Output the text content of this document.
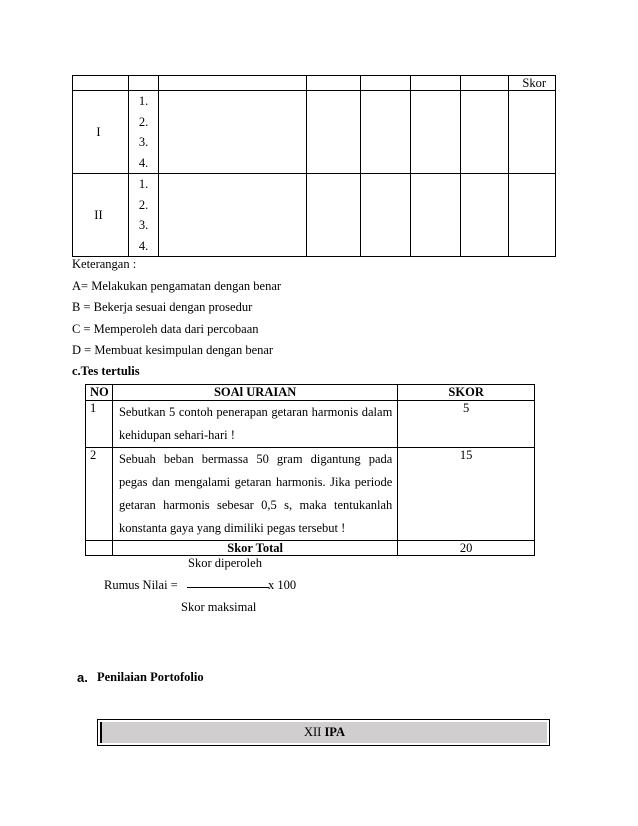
							Skor
I	1.
2.
3.
4.						

II	1.
2.
3.
4.						

Keterangan :
A= Melakukan pengamatan dengan benar
B = Bekerja sesuai dengan prosedur
C = Memperoleh data dari percobaan
D = Membuat kesimpulan dengan benar
c.Tes tertulis
NO	SOAl URAIAN	SKOR
1	Sebutkan 5 contoh penerapan getaran harmonis dalam kehidupan sehari-hari !	5
2	Sebuah beban bermassa 50 gram digantung pada pegas dan mengalami getaran harmonis. Jika periode getaran harmonis sebesar 0,5 s, maka tentukanlah konstanta gaya yang dimiliki pegas tersebut !	15
	Skor Total	20
Skor diperoleh
Rumus Nilai =	x 100
Skor maksimal
a. Penilaian Portofolio
XII IPA
